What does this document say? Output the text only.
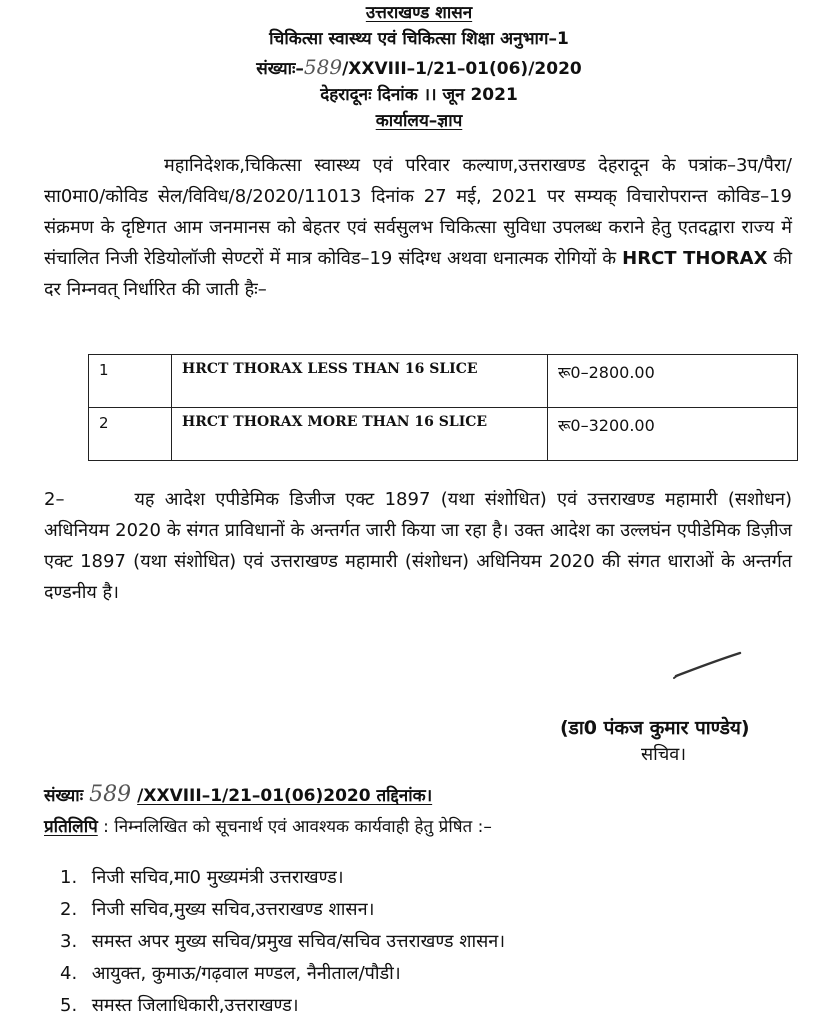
उत्तराखण्ड शासन
चिकित्सा स्वास्थ्य एवं चिकित्सा शिक्षा अनुभाग–1
संख्याः–589/XXVIII–1/21–01(06)/2020
देहरादूनः दिनांक ।। जून 2021
कार्यालय–ज्ञाप
महानिदेशक,चिकित्सा स्वास्थ्य एवं परिवार कल्याण,उत्तराखण्ड देहरादून के पत्रांक–3प/पैरा/सा0मा0/कोविड सेल/विविध/8/2020/11013 दिनांक 27 मई, 2021 पर सम्यक् विचारोपरान्त कोविड–19 संक्रमण के दृष्टिगत आम जनमानस को बेहतर एवं सर्वसुलभ चिकित्सा सुविधा उपलब्ध कराने हेतु एतदद्वारा राज्य में संचालित निजी रेडियोलॉजी सेण्टरों में मात्र कोविड–19 संदिग्ध अथवा धनात्मक रोगियों के HRCT THORAX की दर निम्नवत् निर्धारित की जाती हैः–
1	HRCT THORAX LESS THAN 16 SLICE	रू0–2800.00
2	HRCT THORAX MORE THAN 16 SLICE	रू0–3200.00
2–	यह आदेश एपीडेमिक डिजीज एक्ट 1897 (यथा संशोधित) एवं उत्तराखण्ड महामारी (सशोधन) अधिनियम 2020 के संगत प्राविधानों के अन्तर्गत जारी किया जा रहा है। उक्त आदेश का उल्लघंन एपीडेमिक डिज़ीज एक्ट 1897 (यथा संशोधित) एवं उत्तराखण्ड महामारी (संशोधन) अधिनियम 2020 की संगत धाराओं के अन्तर्गत दण्डनीय है।
(डा0 पंकज कुमार पाण्डेय)
सचिव।
संख्याः 589 /XXVIII–1/21–01(06)2020 तद्दिनांक।
प्रतिलिपि : निम्नलिखित को सूचनार्थ एवं आवश्यक कार्यवाही हेतु प्रेषित :–
1. निजी सचिव,मा0 मुख्यमंत्री उत्तराखण्ड।
2. निजी सचिव,मुख्य सचिव,उत्तराखण्ड शासन।
3. समस्त अपर मुख्य सचिव/प्रमुख सचिव/सचिव उत्तराखण्ड शासन।
4. आयुक्त, कुमाऊ/गढ़वाल मण्डल, नैनीताल/पौडी।
5. समस्त जिलाधिकारी,उत्तराखण्ड।
